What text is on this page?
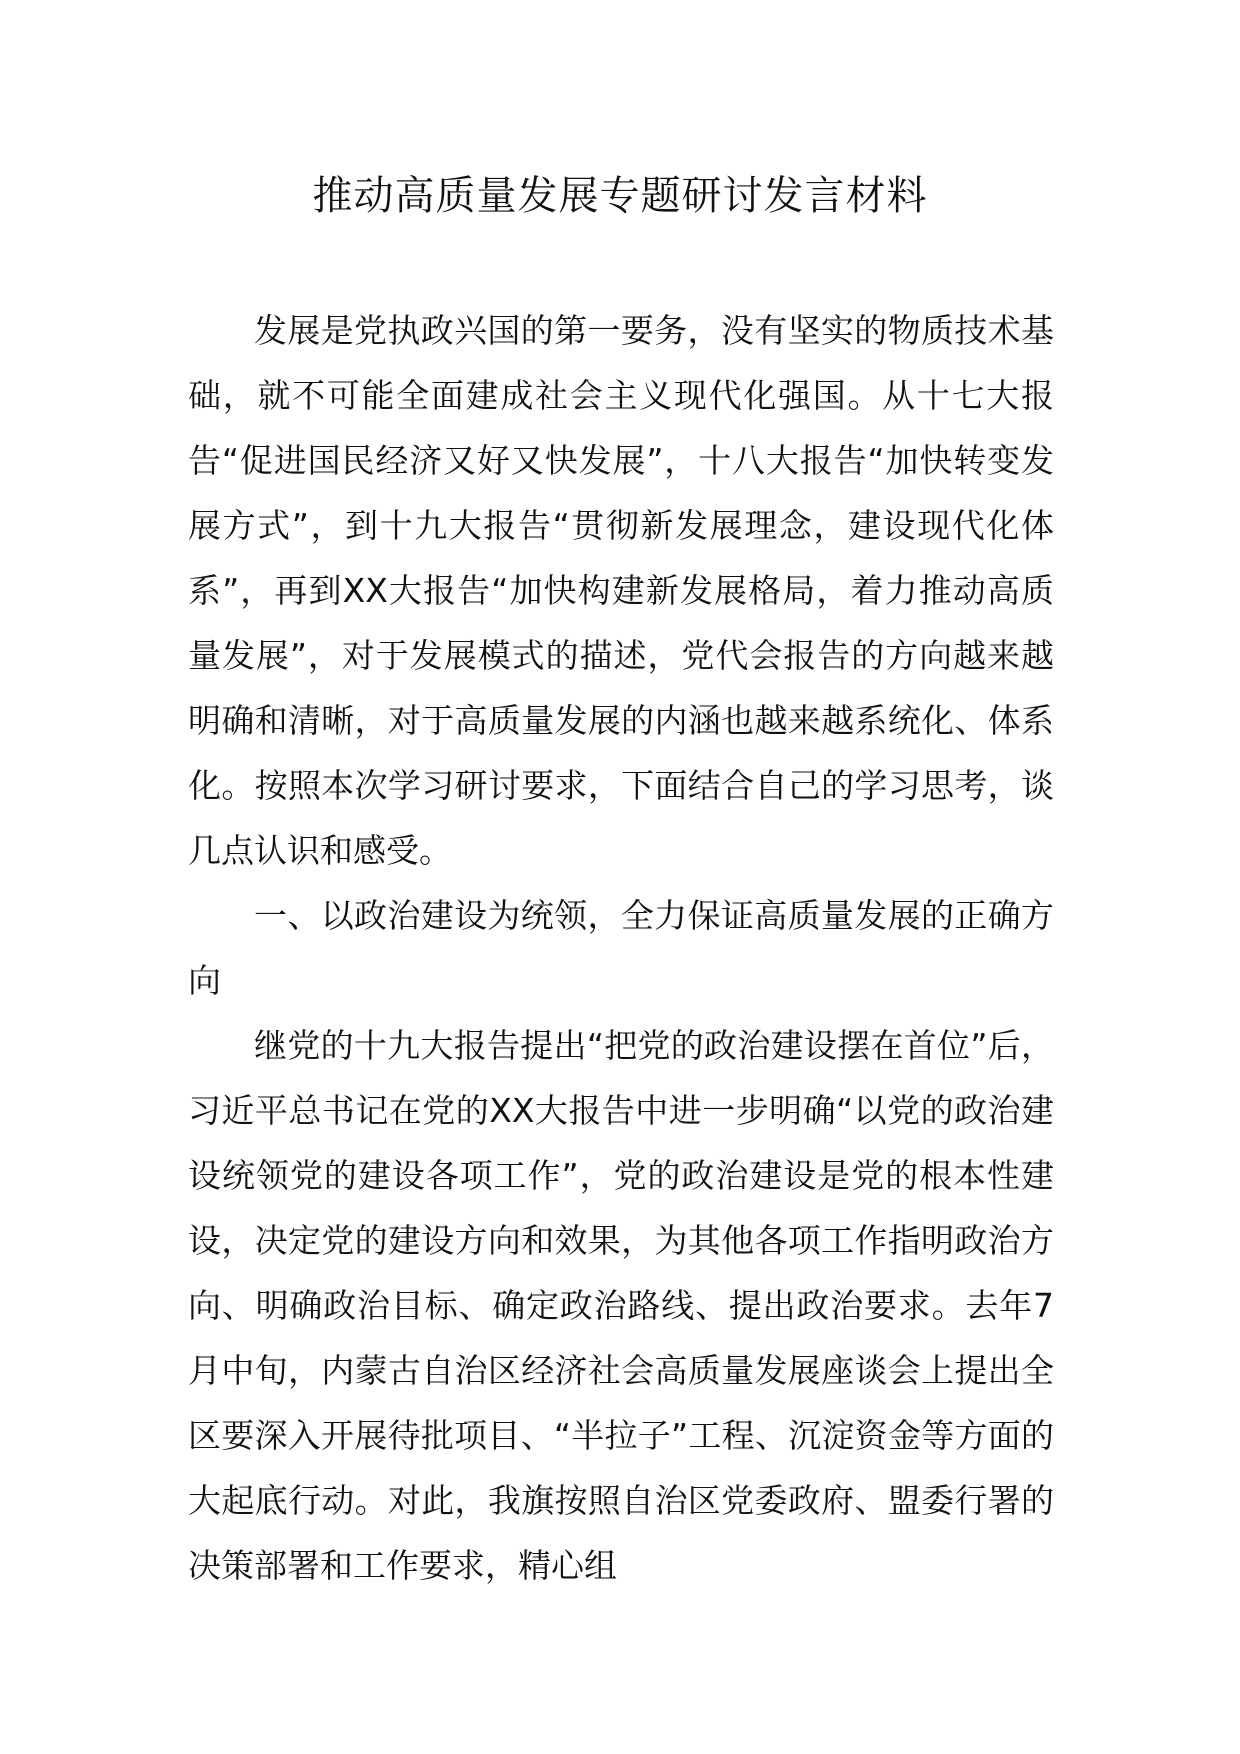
推动高质量发展专题研讨发言材料

发展是党执政兴国的第一要务，没有坚实的物质技术基础，就不可能全面建成社会主义现代化强国。从十七大报告“促进国民经济又好又快发展”，十八大报告“加快转变发展方式”，到十九大报告“贯彻新发展理念，建设现代化体系”，再到XX大报告“加快构建新发展格局，着力推动高质量发展”，对于发展模式的描述，党代会报告的方向越来越明确和清晰，对于高质量发展的内涵也越来越系统化、体系化。按照本次学习研讨要求，下面结合自己的学习思考，谈几点认识和感受。

一、以政治建设为统领，全力保证高质量发展的正确方向

继党的十九大报告提出“把党的政治建设摆在首位”后，习近平总书记在党的XX大报告中进一步明确“以党的政治建设统领党的建设各项工作”，党的政治建设是党的根本性建设，决定党的建设方向和效果，为其他各项工作指明政治方向、明确政治目标、确定政治路线、提出政治要求。去年7月中旬，内蒙古自治区经济社会高质量发展座谈会上提出全区要深入开展待批项目、“半拉子”工程、沉淀资金等方面的大起底行动。对此，我旗按照自治区党委政府、盟委行署的决策部署和工作要求，精心组
